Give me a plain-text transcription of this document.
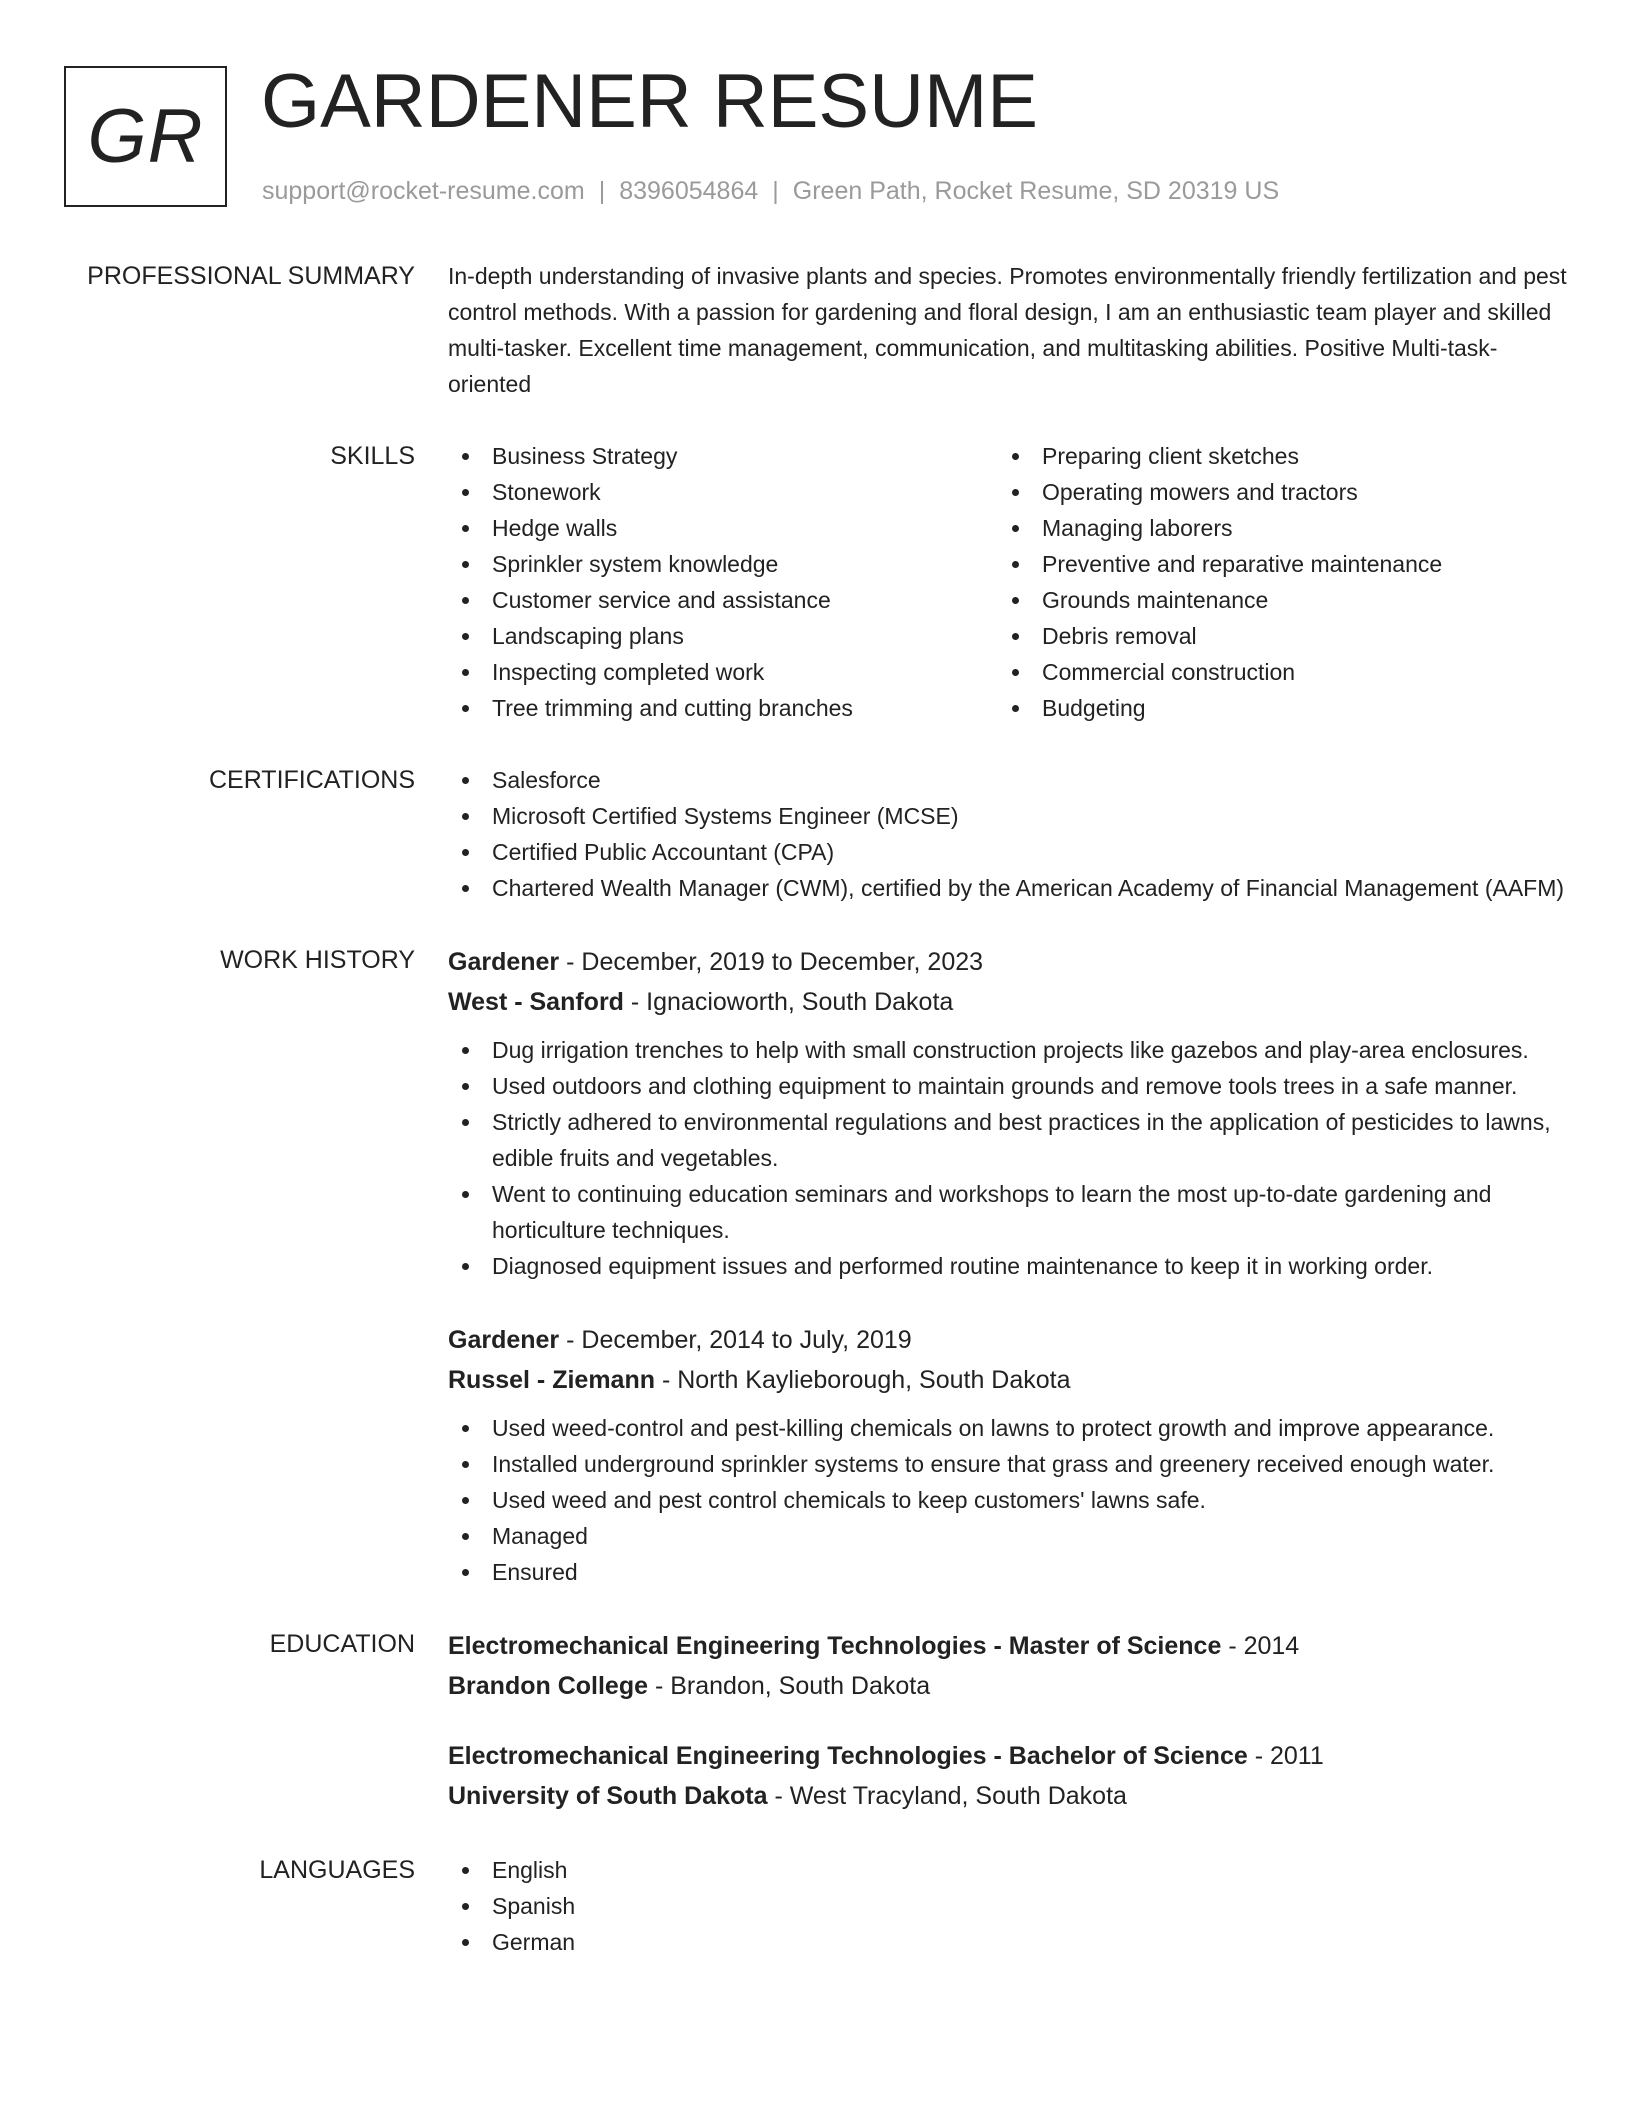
GR GARDENER RESUME
support@rocket-resume.com | 8396054864 | Green Path, Rocket Resume, SD 20319 US
PROFESSIONAL SUMMARY In-depth understanding of invasive plants and species. Promotes environmentally friendly fertilization and pest control methods. With a passion for gardening and floral design, I am an enthusiastic team player and skilled multi-tasker. Excellent time management, communication, and multitasking abilities. Positive Multi-task-oriented

SKILLS	Business Strategy
Stonework
Hedge walls
Sprinkler system knowledge
Customer service and assistance
Landscaping plans
Inspecting completed work
Tree trimming and cutting branches
Preparing client sketches
Operating mowers and tractors
Managing laborers
Preventive and reparative maintenance
Grounds maintenance
Debris removal
Commercial construction
Budgeting
CERTIFICATIONS	Salesforce
Microsoft Certified Systems Engineer (MCSE)
Certified Public Accountant (CPA)
Chartered Wealth Manager (CWM), certified by the American Academy of Financial Management (AAFM)
WORK HISTORY Gardener - December, 2019 to December, 2023
West - Sanford - Ignacioworth, South Dakota
Dug irrigation trenches to help with small construction projects like gazebos and play-area enclosures.
Used outdoors and clothing equipment to maintain grounds and remove tools trees in a safe manner.
Strictly adhered to environmental regulations and best practices in the application of pesticides to lawns, edible fruits and vegetables.
Went to continuing education seminars and workshops to learn the most up-to-date gardening and horticulture techniques.
Diagnosed equipment issues and performed routine maintenance to keep it in working order.
Gardener - December, 2014 to July, 2019
Russel - Ziemann - North Kaylieborough, South Dakota
Used weed-control and pest-killing chemicals on lawns to protect growth and improve appearance.
Installed underground sprinkler systems to ensure that grass and greenery received enough water.
Used weed and pest control chemicals to keep customers' lawns safe.
Managed
Ensured
EDUCATION Electromechanical Engineering Technologies - Master of Science - 2014
Brandon College - Brandon, South Dakota
Electromechanical Engineering Technologies - Bachelor of Science - 2011
University of South Dakota - West Tracyland, South Dakota
LANGUAGES	English
Spanish
German
